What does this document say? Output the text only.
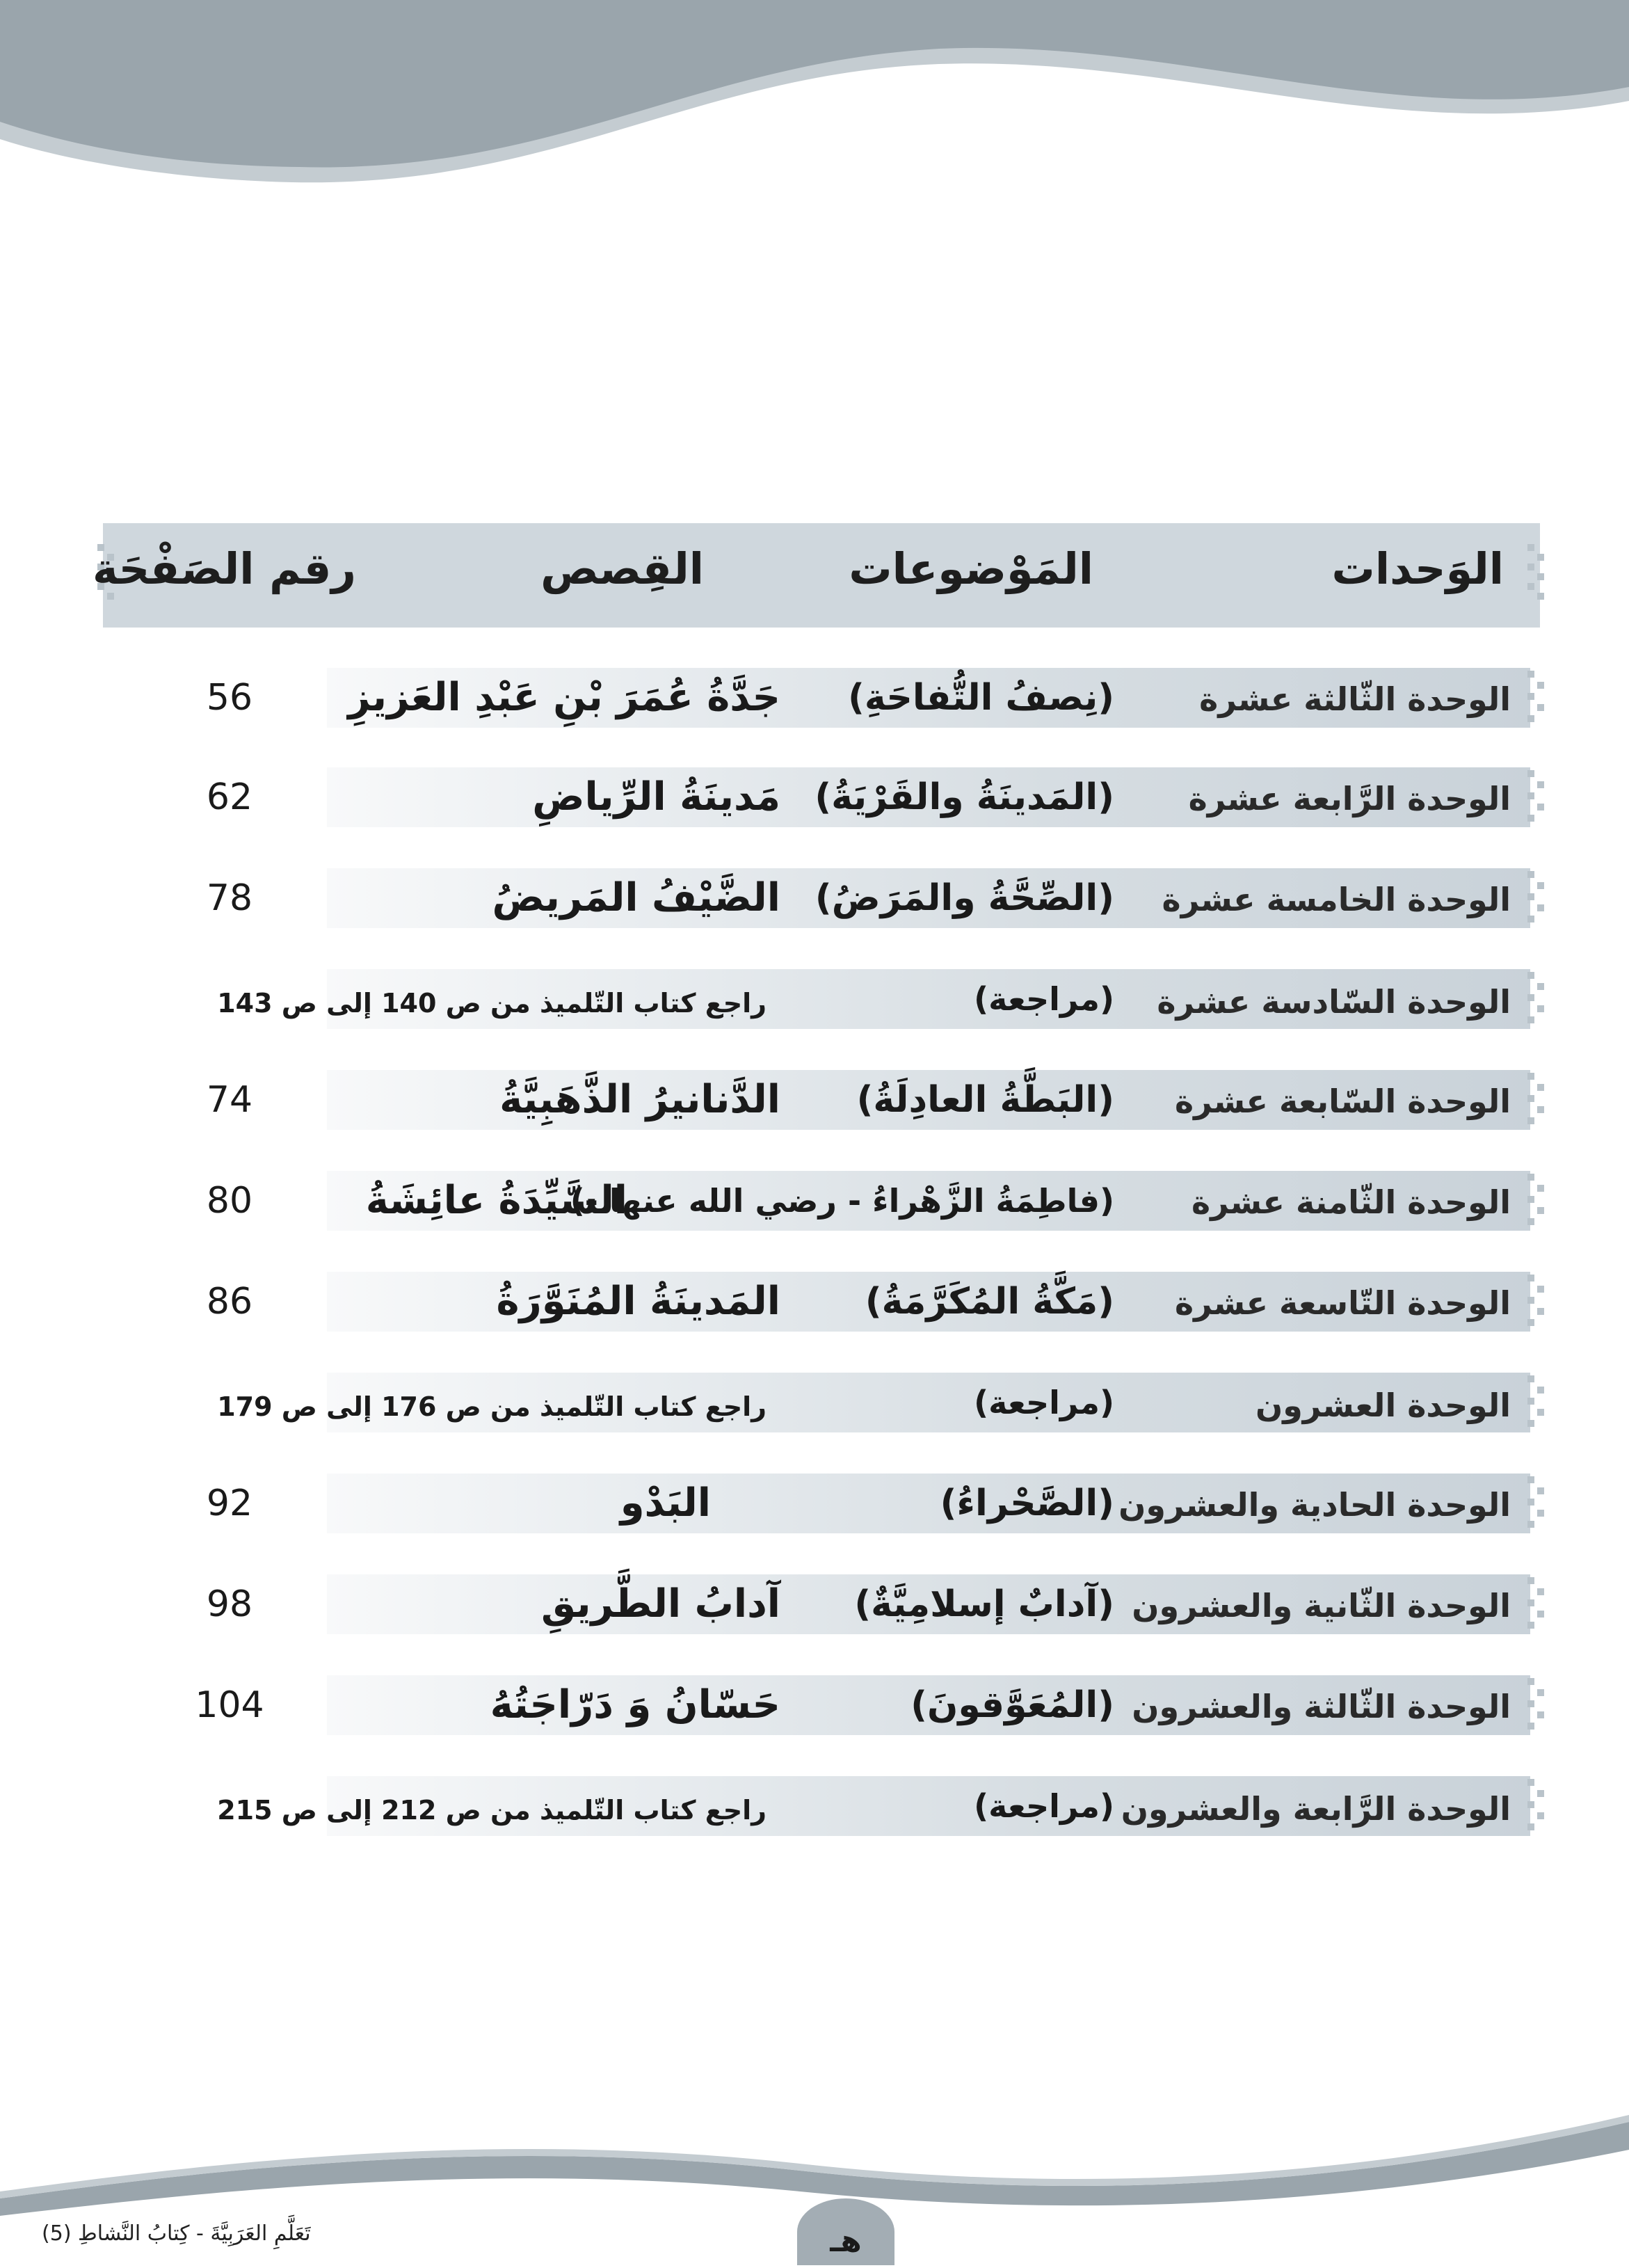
الوَحدات
المَوْضوعات
القِصص
رقم الصَفْحَة
الوحدة الثّالثة عشرة
(نِصفُ التُّفاحَةِ)
جَدَّةُ عُمَرَ بْنِ عَبْدِ العَزيزِ
56
الوحدة الرَّابعة عشرة
(المَدينَةُ والقَرْيَةُ)
مَدينَةُ الرِّياضِ
62
الوحدة الخامسة عشرة
(الصِّحَّةُ والمَرَضُ)
الضَّيْفُ المَريضُ
78
الوحدة السّادسة عشرة
(مراجعة)
راجع كتاب التّلميذ من ص 140 إلى ص 143
الوحدة السّابعة عشرة
(البَطَّةُ العادِلَةُ)
الدَّنانيرُ الذَّهَبِيَّةُ
74
الوحدة الثّامنة عشرة
(فاطِمَةُ الزَّهْراءُ - رضي الله عنها -)
السَّيِّدَةُ عائِشَةُ
80
الوحدة التّاسعة عشرة
(مَكَّةُ المُكَرَّمَةُ)
المَدينَةُ المُنَوَّرَةُ
86
الوحدة العشرون
(مراجعة)
راجع كتاب التّلميذ من ص 176 إلى ص 179
الوحدة الحادية والعشرون
(الصَّحْراءُ)
البَدْو
92
الوحدة الثّانية والعشرون
(آدابٌ إسلامِيَّةٌ)
آدابُ الطَّريقِ
98
الوحدة الثّالثة والعشرون
(المُعَوَّقونَ)
حَسّانُ وَ دَرّاجَتُهُ
104
الوحدة الرَّابعة والعشرون
(مراجعة)
راجع كتاب التّلميذ من ص 212 إلى ص 215
هـ
تَعَلَّمِ العَرَبِيَّةَ - كِتابُ النَّشاطِ (5)
